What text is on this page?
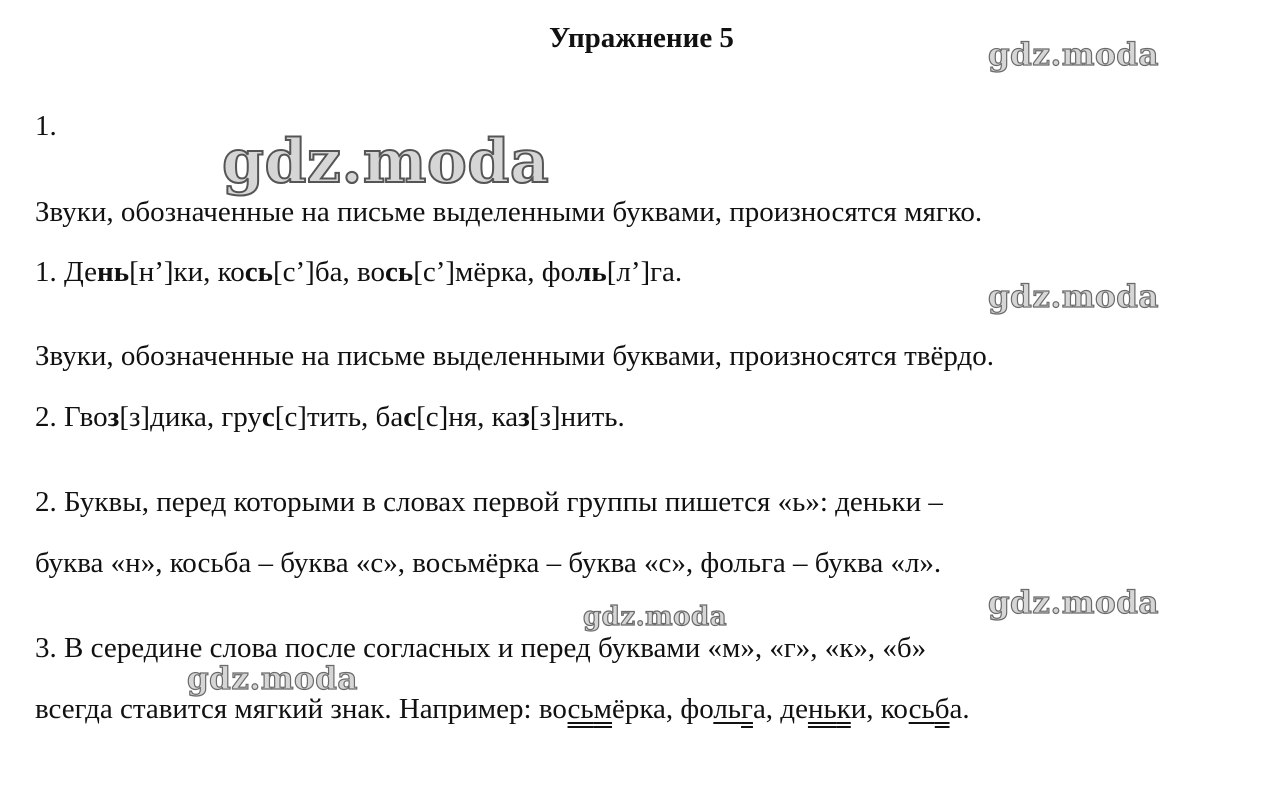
Упражнение 5
1.
Звуки, обозначенные на письме выделенными буквами, произносятся мягко.
1. День[н’]ки, кось[с’]ба, вось[с’]мёрка, фоль[л’]га.
Звуки, обозначенные на письме выделенными буквами, произносятся твёрдо.
2. Гвоз[з]дика, грус[с]тить, бас[с]ня, каз[з]нить.
2. Буквы, перед которыми в словах первой группы пишется «ь»: деньки –
буква «н», косьба – буква «с», восьмёрка – буква «с», фольга – буква «л».
3. В середине слова после согласных и перед буквами «м», «г», «к», «б»
всегда ставится мягкий знак. Например: восьмёрка, фольга, деньки, косьба.
gdz.moda
gdz.moda
gdz.moda
gdz.moda
gdz.moda
gdz.moda
